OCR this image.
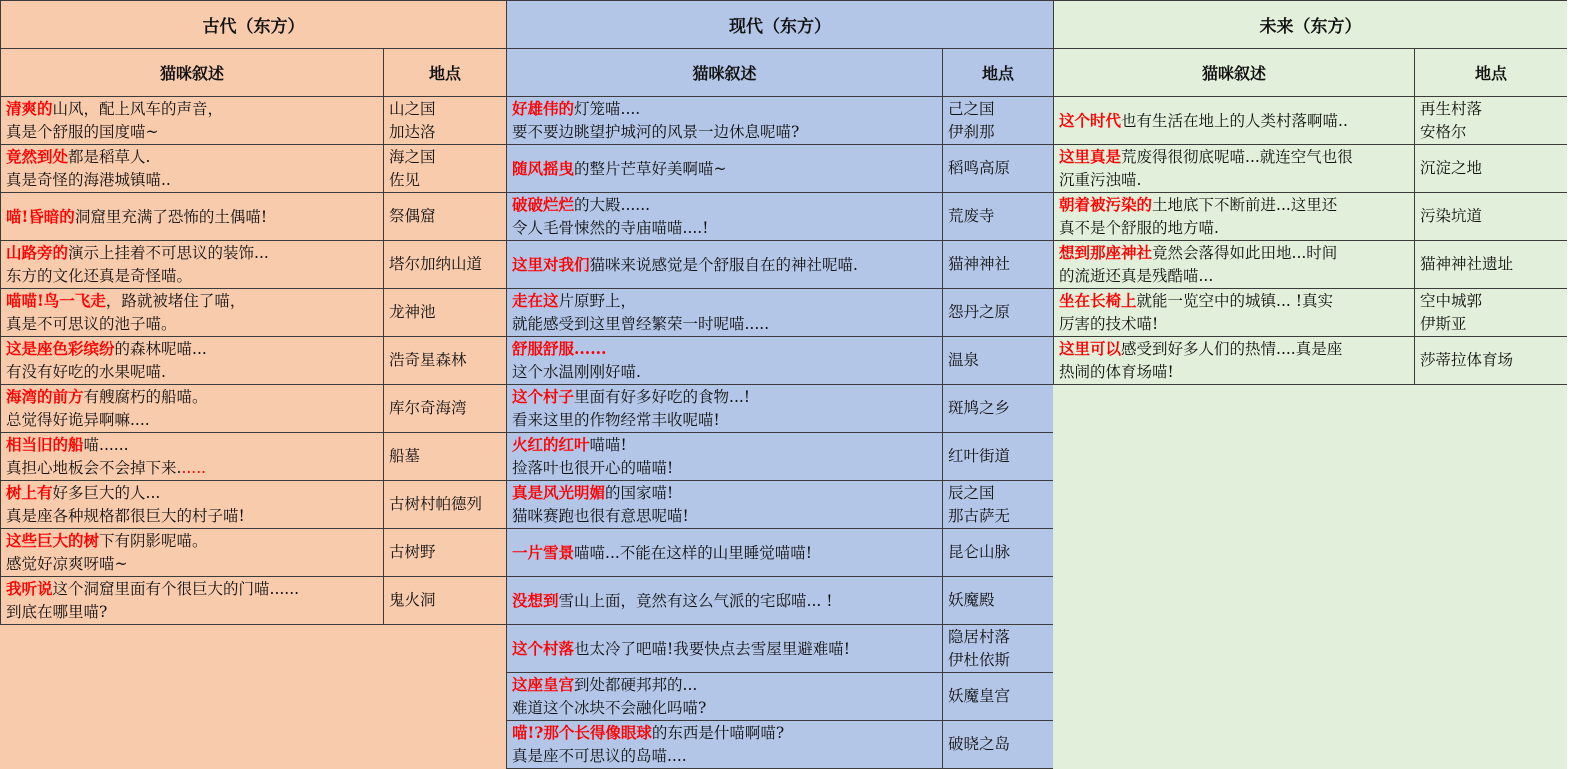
古代（东方）	
猫咪叙述	地点

清爽的山风，配上风车的声音，
真是个舒服的国度喵~	山之国
加达洛

竟然到处都是稻草人.
真是奇怪的海港城镇喵..	海之国
佐见

喵!昏暗的洞窟里充满了恐怖的土偶喵!	祭偶窟

山路旁的演示上挂着不可思议的装饰...
东方的文化还真是奇怪喵。	塔尔加纳山道

喵喵!鸟一飞走，路就被堵住了喵，
真是不可思议的池子喵。	龙神池

这是座色彩缤纷的森林呢喵...
有没有好吃的水果呢喵.	浩奇星森林

海湾的前方有艘腐朽的船喵。
总觉得好诡异啊嘛....	库尔奇海湾

相当旧的船喵......
真担心地板会不会掉下来......	船墓

树上有好多巨大的人...
真是座各种规格都很巨大的村子喵!	古树村帕德列

这些巨大的树下有阴影呢喵。
感觉好凉爽呀喵~	古树野

我听说这个洞窟里面有个很巨大的门喵......
到底在哪里喵?	鬼火洞
现代（东方）	
猫咪叙述	地点

好雄伟的灯笼喵....
要不要边眺望护城河的风景一边休息呢喵?	己之国
伊刹那

随风摇曳的整片芒草好美啊喵~	稻鸣高原

破破烂烂的大殿......
令人毛骨悚然的寺庙喵喵....!	荒废寺

这里对我们猫咪来说感觉是个舒服自在的神社呢喵.	猫神神社

走在这片原野上，
就能感受到这里曾经繁荣一时呢喵.....	怨丹之原

舒服舒服......
这个水温刚刚好喵.	温泉

这个村子里面有好多好吃的食物...!
看来这里的作物经常丰收呢喵!	斑鸠之乡

火红的红叶喵喵!
捡落叶也很开心的喵喵!	红叶街道

真是风光明媚的国家喵!
猫咪赛跑也很有意思呢喵!	辰之国
那古萨无

一片雪景喵喵...不能在这样的山里睡觉喵喵!	昆仑山脉

没想到雪山上面，竟然有这么气派的宅邸喵... !	妖魔殿

这个村落也太冷了吧喵!我要快点去雪屋里避难喵!	隐居村落
伊杜依斯

这座皇宫到处都硬邦邦的...
难道这个冰块不会融化吗喵?	妖魔皇宫

喵!?那个长得像眼球的东西是什喵啊喵?
真是座不可思议的岛喵....	破晓之岛
未来（东方）	
猫咪叙述	地点

这个时代也有生活在地上的人类村落啊喵..	再生村落
安格尔

这里真是荒废得很彻底呢喵...就连空气也很
沉重污浊喵.	沉淀之地

朝着被污染的土地底下不断前进...这里还
真不是个舒服的地方喵.	污染坑道

想到那座神社竟然会落得如此田地...时间
的流逝还真是残酷喵...	猫神神社遗址

坐在长椅上就能一览空中的城镇... !真实
厉害的技术喵!	空中城郭
伊斯亚

这里可以感受到好多人们的热情....真是座
热闹的体育场喵!	莎蒂拉体育场
